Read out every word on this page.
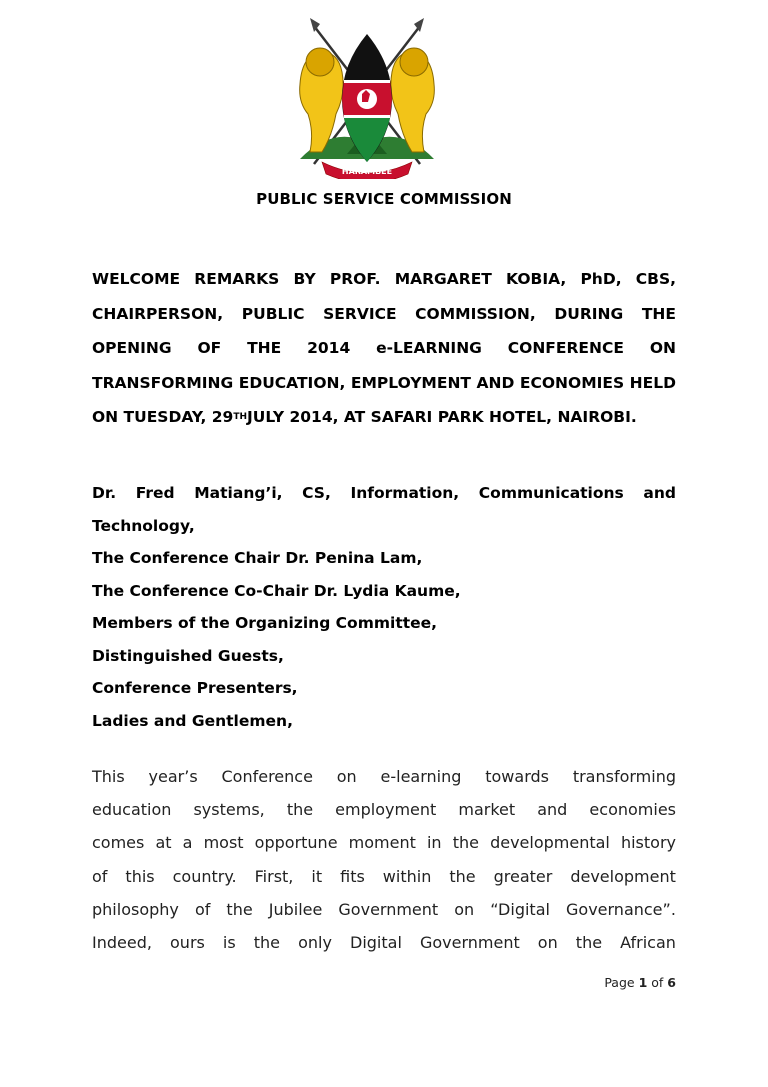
HARAMBEE
PUBLIC SERVICE COMMISSION
WELCOME REMARKS BY PROF. MARGARET KOBIA, PhD, CBS,
CHAIRPERSON, PUBLIC SERVICE COMMISSION, DURING THE
OPENING OF THE 2014 e-LEARNING CONFERENCE ON
TRANSFORMING EDUCATION, EMPLOYMENT AND ECONOMIES HELD
ON TUESDAY, 29 TH JULY 2014, AT SAFARI PARK HOTEL, NAIROBI.
Dr. Fred Matiang’i, CS, Information, Communications and
Technology,
The Conference Chair Dr. Penina Lam,
The Conference Co-Chair Dr. Lydia Kaume,
Members of the Organizing Committee,
Distinguished Guests,
Conference Presenters,
Ladies and Gentlemen,
This year’s Conference on e-learning towards transforming
education systems, the employment market and economies
comes at a most opportune moment in the developmental history
of this country. First, it fits within the greater development
philosophy of the Jubilee Government on “Digital Governance”.
Indeed, ours is the only Digital Government on the African
Page 1 of 6
